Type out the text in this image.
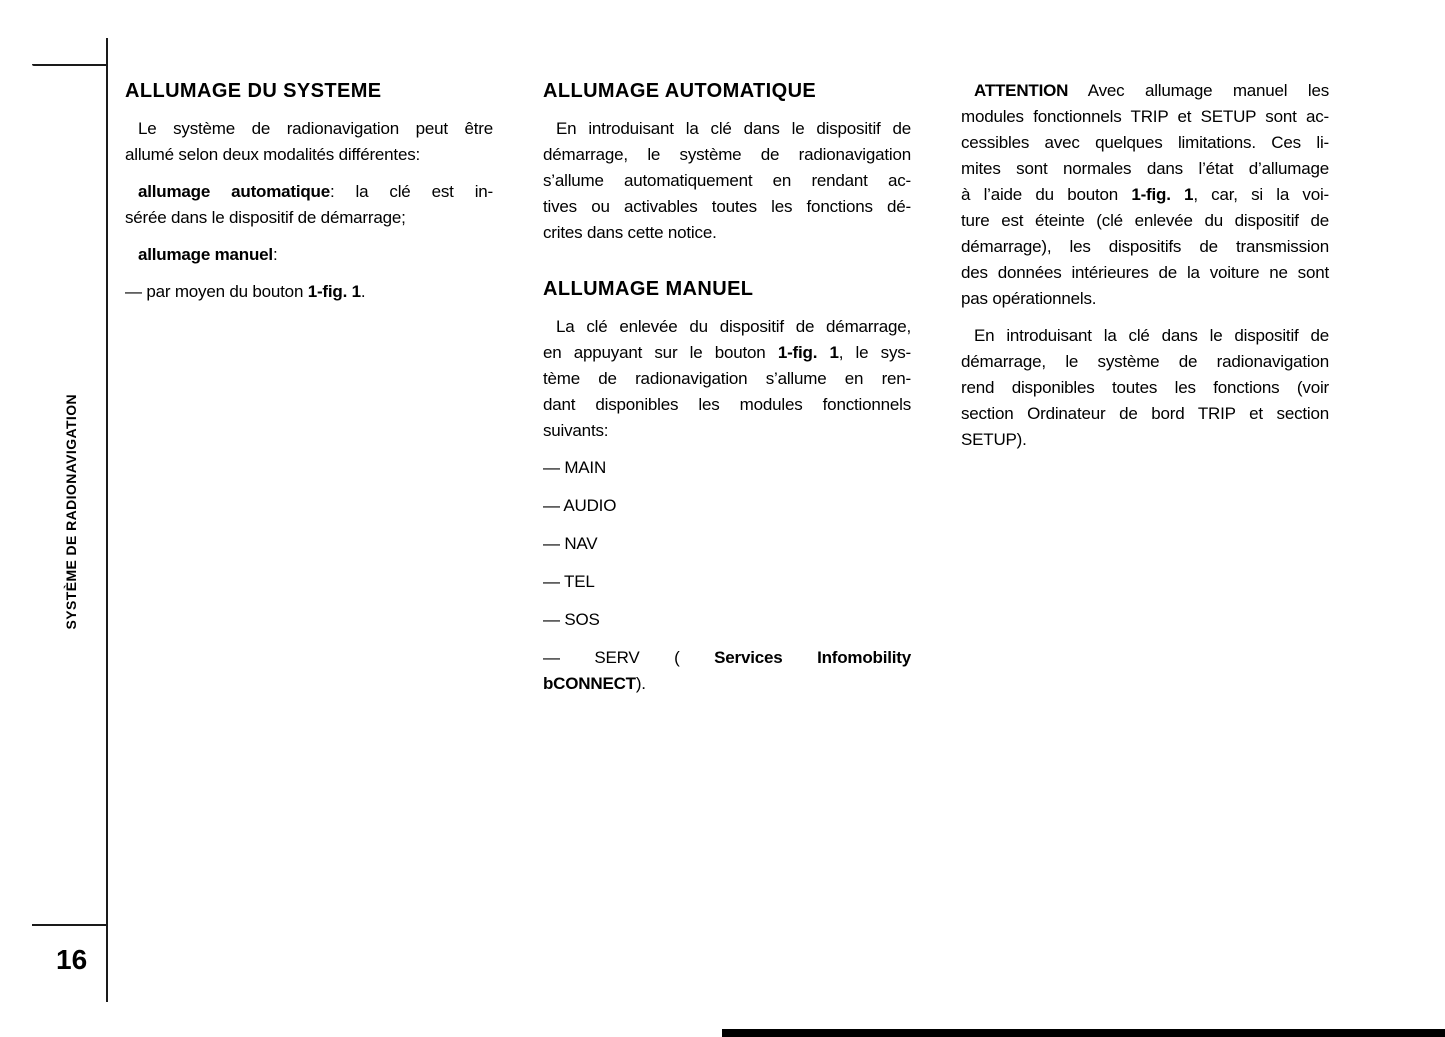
SYSTÈME DE RADIONAVIGATION
16
ALLUMAGE DU SYSTEME
Le système de radionavigation peut être
allumé selon deux modalités différentes:
allumage automatique: la clé est in-
sérée dans le dispositif de démarrage;
allumage manuel:
— par moyen du bouton 1-fig. 1.
ALLUMAGE AUTOMATIQUE
En introduisant la clé dans le dispositif de
démarrage, le système de radionavigation
s’allume automatiquement en rendant ac-
tives ou activables toutes les fonctions dé-
crites dans cette notice.
ALLUMAGE MANUEL
La clé enlevée du dispositif de démarrage,
en appuyant sur le bouton 1-fig. 1, le sys-
tème de radionavigation s’allume en ren-
dant disponibles les modules fonctionnels
suivants:
— MAIN
— AUDIO
— NAV
— TEL
— SOS
— SERV ( Services Infomobility
bCONNECT).
ATTENTION Avec allumage manuel les
modules fonctionnels TRIP et SETUP sont ac-
cessibles avec quelques limitations. Ces li-
mites sont normales dans l’état d’allumage
à l’aide du bouton 1-fig. 1, car, si la voi-
ture est éteinte (clé enlevée du dispositif de
démarrage), les dispositifs de transmission
des données intérieures de la voiture ne sont
pas opérationnels.
En introduisant la clé dans le dispositif de
démarrage, le système de radionavigation
rend disponibles toutes les fonctions (voir
section Ordinateur de bord TRIP et section
SETUP).
